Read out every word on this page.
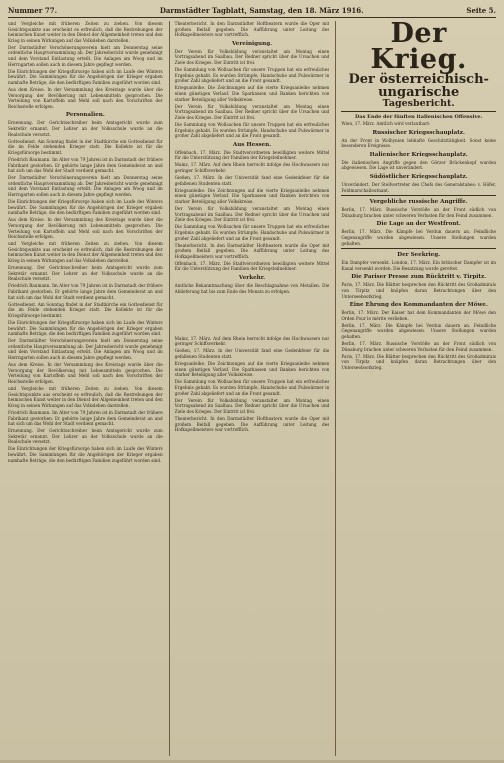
Nummer 77.	Darmstädter Tagblatt, Samstag, den 18. März 1916.	Seite 5.

und Vergleiche mit früheren Zeiten zu ziehen. Von diesem Gesichtspunkte aus erscheint es erfreulich, daß die Bestrebungen der heimischen Kunst weiter in den Dienst der Allgemeinheit treten und den Krieg in seinen Wirkungen auf das Volksleben darstellen.

Der Darmstädter Verschönerungsverein hielt am Donnerstag seine ordentliche Hauptversammlung ab. Der Jahresbericht wurde genehmigt und dem Vorstand Entlastung erteilt. Die Anlagen am Woog und im Herrngarten sollen auch in diesem Jahre gepflegt werden.

Die Einrichtungen der Kriegsfürsorge haben sich im Laufe des Winters bewährt. Die Sammlungen für die Angehörigen der Krieger ergaben namhafte Beträge, die den bedürftigen Familien zugeführt worden sind.

Aus dem Kreise. In der Versammlung des Kreistags wurde über die Versorgung der Bevölkerung mit Lebensmitteln gesprochen. Die Verteilung von Kartoffeln und Mehl soll nach den Vorschriften der Reichsstelle erfolgen.

Personalien.

Ernennung. Der Gerichtsschreiber beim Amtsgericht wurde zum Sekretär ernannt. Der Lehrer an der Volksschule wurde an die Realschule versetzt.

Gottesdienst. Am Sonntag findet in der Stadtkirche ein Gottesdienst für die im Felde stehenden Krieger statt. Die Kollekte ist für die Kriegsfürsorge bestimmt.

Friedrich Baumann. Im Alter von 79 Jahren ist in Darmstadt der frühere Fabrikant gestorben. Er gehörte lange Jahre dem Gemeinderat an und hat sich um das Wohl der Stadt verdient gemacht.

Der Darmstädter Verschönerungsverein hielt am Donnerstag seine ordentliche Hauptversammlung ab. Der Jahresbericht wurde genehmigt und dem Vorstand Entlastung erteilt. Die Anlagen am Woog und im Herrngarten sollen auch in diesem Jahre gepflegt werden.

Die Einrichtungen der Kriegsfürsorge haben sich im Laufe des Winters bewährt. Die Sammlungen für die Angehörigen der Krieger ergaben namhafte Beträge, die den bedürftigen Familien zugeführt worden sind.

Aus dem Kreise. In der Versammlung des Kreistags wurde über die Versorgung der Bevölkerung mit Lebensmitteln gesprochen. Die Verteilung von Kartoffeln und Mehl soll nach den Vorschriften der Reichsstelle erfolgen.

und Vergleiche mit früheren Zeiten zu ziehen. Von diesem Gesichtspunkte aus erscheint es erfreulich, daß die Bestrebungen der heimischen Kunst weiter in den Dienst der Allgemeinheit treten und den Krieg in seinen Wirkungen auf das Volksleben darstellen.

Ernennung. Der Gerichtsschreiber beim Amtsgericht wurde zum Sekretär ernannt. Der Lehrer an der Volksschule wurde an die Realschule versetzt.

Friedrich Baumann. Im Alter von 79 Jahren ist in Darmstadt der frühere Fabrikant gestorben. Er gehörte lange Jahre dem Gemeinderat an und hat sich um das Wohl der Stadt verdient gemacht.

Gottesdienst. Am Sonntag findet in der Stadtkirche ein Gottesdienst für die im Felde stehenden Krieger statt. Die Kollekte ist für die Kriegsfürsorge bestimmt.

Die Einrichtungen der Kriegsfürsorge haben sich im Laufe des Winters bewährt. Die Sammlungen für die Angehörigen der Krieger ergaben namhafte Beträge, die den bedürftigen Familien zugeführt worden sind.

Der Darmstädter Verschönerungsverein hielt am Donnerstag seine ordentliche Hauptversammlung ab. Der Jahresbericht wurde genehmigt und dem Vorstand Entlastung erteilt. Die Anlagen am Woog und im Herrngarten sollen auch in diesem Jahre gepflegt werden.

Aus dem Kreise. In der Versammlung des Kreistags wurde über die Versorgung der Bevölkerung mit Lebensmitteln gesprochen. Die Verteilung von Kartoffeln und Mehl soll nach den Vorschriften der Reichsstelle erfolgen.

und Vergleiche mit früheren Zeiten zu ziehen. Von diesem Gesichtspunkte aus erscheint es erfreulich, daß die Bestrebungen der heimischen Kunst weiter in den Dienst der Allgemeinheit treten und den Krieg in seinen Wirkungen auf das Volksleben darstellen.

Friedrich Baumann. Im Alter von 79 Jahren ist in Darmstadt der frühere Fabrikant gestorben. Er gehörte lange Jahre dem Gemeinderat an und hat sich um das Wohl der Stadt verdient gemacht.

Ernennung. Der Gerichtsschreiber beim Amtsgericht wurde zum Sekretär ernannt. Der Lehrer an der Volksschule wurde an die Realschule versetzt.

Die Einrichtungen der Kriegsfürsorge haben sich im Laufe des Winters bewährt. Die Sammlungen für die Angehörigen der Krieger ergaben namhafte Beträge, die den bedürftigen Familien zugeführt worden sind.

Theaterbericht. In den Darmstädter Hoftheatern wurde die Oper mit großem Beifall gegeben. Die Aufführung unter Leitung des Hofkapellmeisters war vortrefflich.

Vereinigung.

Der Verein für Volksbildung veranstaltet am Montag einen Vortragsabend im Saalbau. Der Redner spricht über die Ursachen und Ziele des Krieges. Der Eintritt ist frei.

Die Sammlung von Wollsachen für unsere Truppen hat ein erfreuliches Ergebnis gehabt. Es wurden Strümpfe, Handschuhe und Pulswärmer in großer Zahl abgeliefert und an die Front gesandt.

Kriegsanleihe. Die Zeichnungen auf die vierte Kriegsanleihe nehmen einen günstigen Verlauf. Die Sparkassen und Banken berichten von starker Beteiligung aller Volkskreise.

Der Verein für Volksbildung veranstaltet am Montag einen Vortragsabend im Saalbau. Der Redner spricht über die Ursachen und Ziele des Krieges. Der Eintritt ist frei.

Die Sammlung von Wollsachen für unsere Truppen hat ein erfreuliches Ergebnis gehabt. Es wurden Strümpfe, Handschuhe und Pulswärmer in großer Zahl abgeliefert und an die Front gesandt.

Aus Hessen.

Offenbach, 17. März. Die Stadtverordneten bewilligten weitere Mittel für die Unterstützung der Familien der Kriegsteilnehmer.

Mainz, 17. März. Auf dem Rhein herrscht infolge des Hochwassers nur geringer Schiffsverkehr.

Gießen, 17. März. In der Universität fand eine Gedenkfeier für die gefallenen Studenten statt.

Kriegsanleihe. Die Zeichnungen auf die vierte Kriegsanleihe nehmen einen günstigen Verlauf. Die Sparkassen und Banken berichten von starker Beteiligung aller Volkskreise.

Der Verein für Volksbildung veranstaltet am Montag einen Vortragsabend im Saalbau. Der Redner spricht über die Ursachen und Ziele des Krieges. Der Eintritt ist frei.

Die Sammlung von Wollsachen für unsere Truppen hat ein erfreuliches Ergebnis gehabt. Es wurden Strümpfe, Handschuhe und Pulswärmer in großer Zahl abgeliefert und an die Front gesandt.

Theaterbericht. In den Darmstädter Hoftheatern wurde die Oper mit großem Beifall gegeben. Die Aufführung unter Leitung des Hofkapellmeisters war vortrefflich.

Offenbach, 17. März. Die Stadtverordneten bewilligten weitere Mittel für die Unterstützung der Familien der Kriegsteilnehmer.

Verkehr.

Amtliche Bekanntmachung über die Beschlagnahme von Metallen. Die Ablieferung hat bis zum Ende des Monats zu erfolgen.

Mainz, 17. März. Auf dem Rhein herrscht infolge des Hochwassers nur geringer Schiffsverkehr.

Gießen, 17. März. In der Universität fand eine Gedenkfeier für die gefallenen Studenten statt.

Kriegsanleihe. Die Zeichnungen auf die vierte Kriegsanleihe nehmen einen günstigen Verlauf. Die Sparkassen und Banken berichten von starker Beteiligung aller Volkskreise.

Die Sammlung von Wollsachen für unsere Truppen hat ein erfreuliches Ergebnis gehabt. Es wurden Strümpfe, Handschuhe und Pulswärmer in großer Zahl abgeliefert und an die Front gesandt.

Der Verein für Volksbildung veranstaltet am Montag einen Vortragsabend im Saalbau. Der Redner spricht über die Ursachen und Ziele des Krieges. Der Eintritt ist frei.

Theaterbericht. In den Darmstädter Hoftheatern wurde die Oper mit großem Beifall gegeben. Die Aufführung unter Leitung des Hofkapellmeisters war vortrefflich.

Der Krieg.
Der österreichisch-ungarische
Tagesbericht.
Das Ende der fünften italienischen Offensive.

Wien, 17. März. Amtlich wird verlautbart:

Russischer Kriegsschauplatz.

An der Front in Wolhynien lebhafte Geschütztätigkeit. Sonst keine besonderen Ereignisse.

Italienischer Kriegsschauplatz.

Die italienischen Angriffe gegen den Görzer Brückenkopf wurden abgewiesen. Die Lage ist unverändert.

Südöstlicher Kriegsschauplatz.

Unverändert. Der Stellvertreter des Chefs des Generalstabes: v. Höfer, Feldmarschalleutnant.

Vergebliche russische Angriffe.

Berlin, 17. März. Russische Vorstöße an der Front südlich von Dünaburg brachen unter schweren Verlusten für den Feind zusammen.

Die Lage an der Westfront.

Berlin, 17. März. Die Kämpfe bei Verdun dauern an. Feindliche Gegenangriffe wurden abgewiesen. Unsere Stellungen wurden gehalten.

Der Seekrieg.

Ein Dampfer versenkt. London, 17. März. Ein britischer Dampfer ist im Kanal versenkt worden. Die Besatzung wurde gerettet.

Die Pariser Presse zum Rücktritt v. Tirpitz.

Paris, 17. März. Die Blätter besprechen den Rücktritt des Großadmirals von Tirpitz und knüpfen daran Betrachtungen über den Unterseebootkrieg.

Eine Ehrung des Kommandanten der Möwe.

Berlin, 17. März. Der Kaiser hat dem Kommandanten der Möwe den Orden Pour le mérite verliehen.

Berlin, 17. März. Die Kämpfe bei Verdun dauern an. Feindliche Gegenangriffe wurden abgewiesen. Unsere Stellungen wurden gehalten.

Berlin, 17. März. Russische Vorstöße an der Front südlich von Dünaburg brachen unter schweren Verlusten für den Feind zusammen.

Paris, 17. März. Die Blätter besprechen den Rücktritt des Großadmirals von Tirpitz und knüpfen daran Betrachtungen über den Unterseebootkrieg.
